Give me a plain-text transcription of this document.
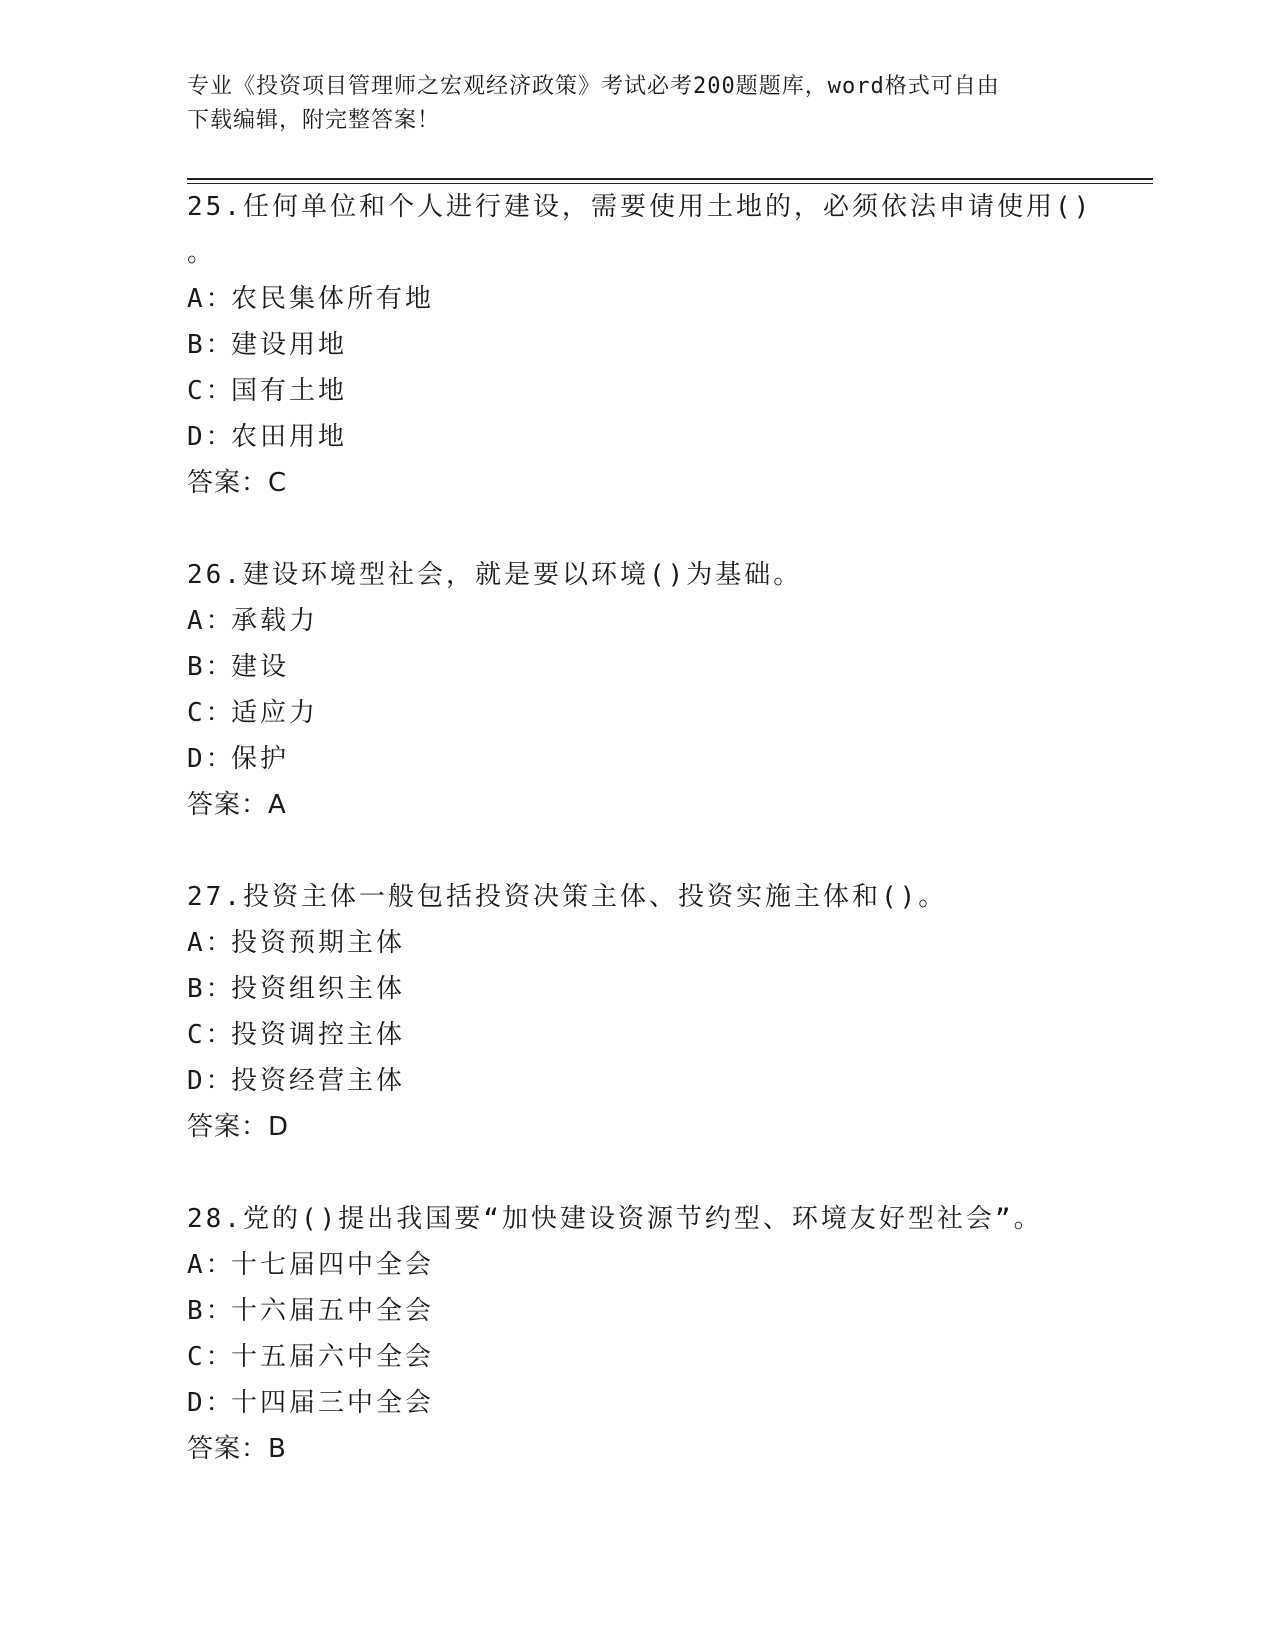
专业《投资项目管理师之宏观经济政策》考试必考200题题库，word格式可自由
下载编辑，附完整答案！
25.任何单位和个人进行建设，需要使用土地的，必须依法申请使用()
。
A：农民集体所有地
B：建设用地
C：国有土地
D：农田用地
答案：C
26.建设环境型社会，就是要以环境()为基础。
A：承载力
B：建设
C：适应力
D：保护
答案：A
27.投资主体一般包括投资决策主体、投资实施主体和()。
A：投资预期主体
B：投资组织主体
C：投资调控主体
D：投资经营主体
答案：D
28.党的()提出我国要“加快建设资源节约型、环境友好型社会”。
A：十七届四中全会
B：十六届五中全会
C：十五届六中全会
D：十四届三中全会
答案：B
